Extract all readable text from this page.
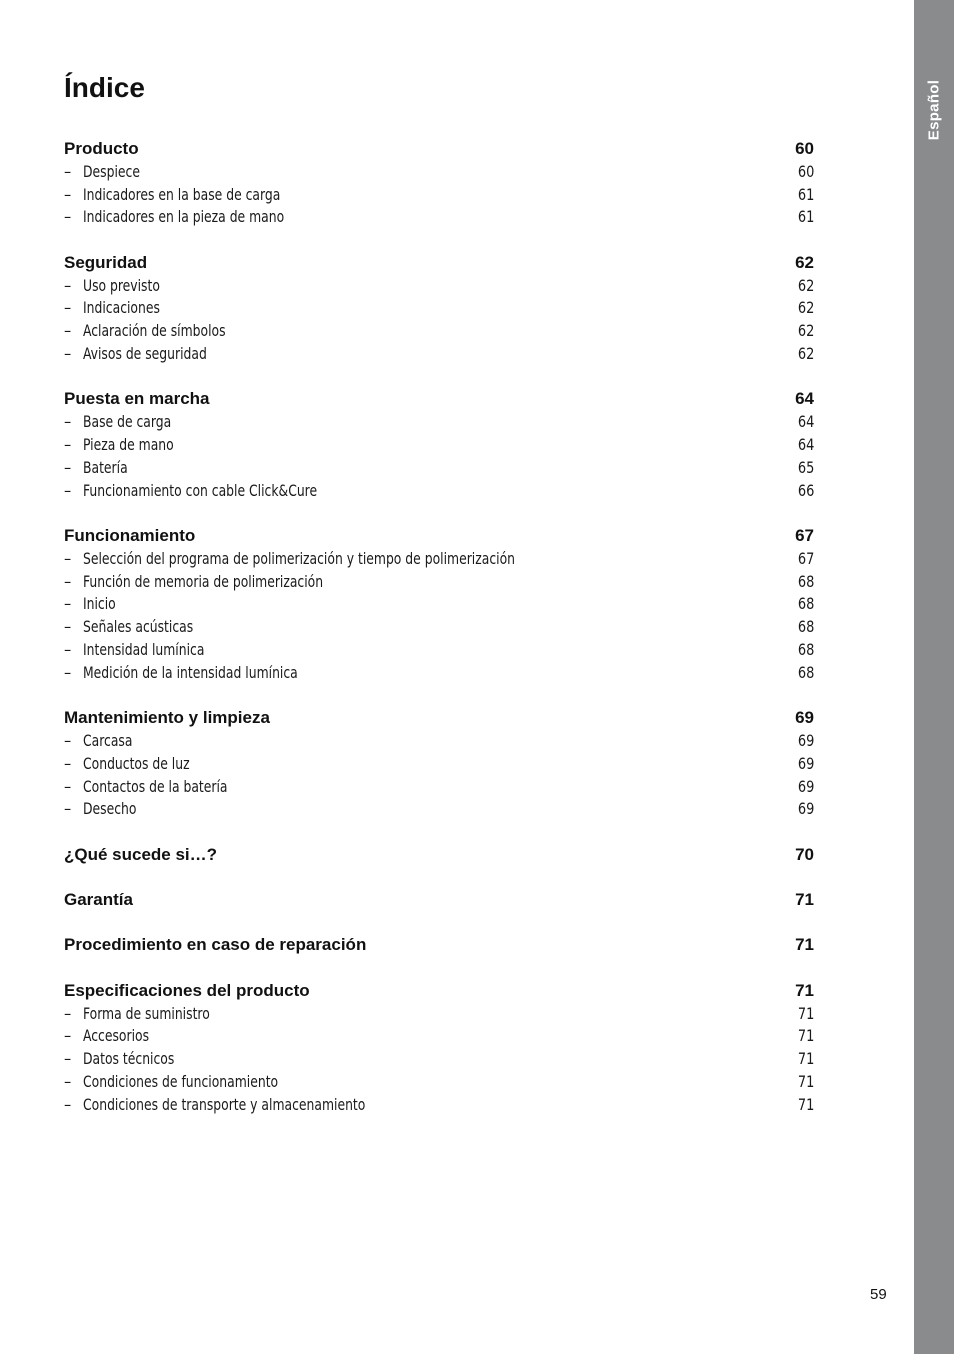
Español
Índice
Producto	60
– Despiece	60
– Indicadores en la base de carga	61
– Indicadores en la pieza de mano	61
Seguridad	62
– Uso previsto	62
– Indicaciones	62
– Aclaración de símbolos	62
– Avisos de seguridad	62
Puesta en marcha	64
– Base de carga	64
– Pieza de mano	64
– Batería	65
– Funcionamiento con cable Click&Cure	66
Funcionamiento	67
– Selección del programa de polimerización y tiempo de polimerización	67
– Función de memoria de polimerización	68
– Inicio	68
– Señales acústicas	68
– Intensidad lumínica	68
– Medición de la intensidad lumínica	68
Mantenimiento y limpieza	69
– Carcasa	69
– Conductos de luz	69
– Contactos de la batería	69
– Desecho	69
¿Qué sucede si…?	70
Garantía	71
Procedimiento en caso de reparación	71
Especificaciones del producto	71
– Forma de suministro	71
– Accesorios	71
– Datos técnicos	71
– Condiciones de funcionamiento	71
– Condiciones de transporte y almacenamiento	71
59
